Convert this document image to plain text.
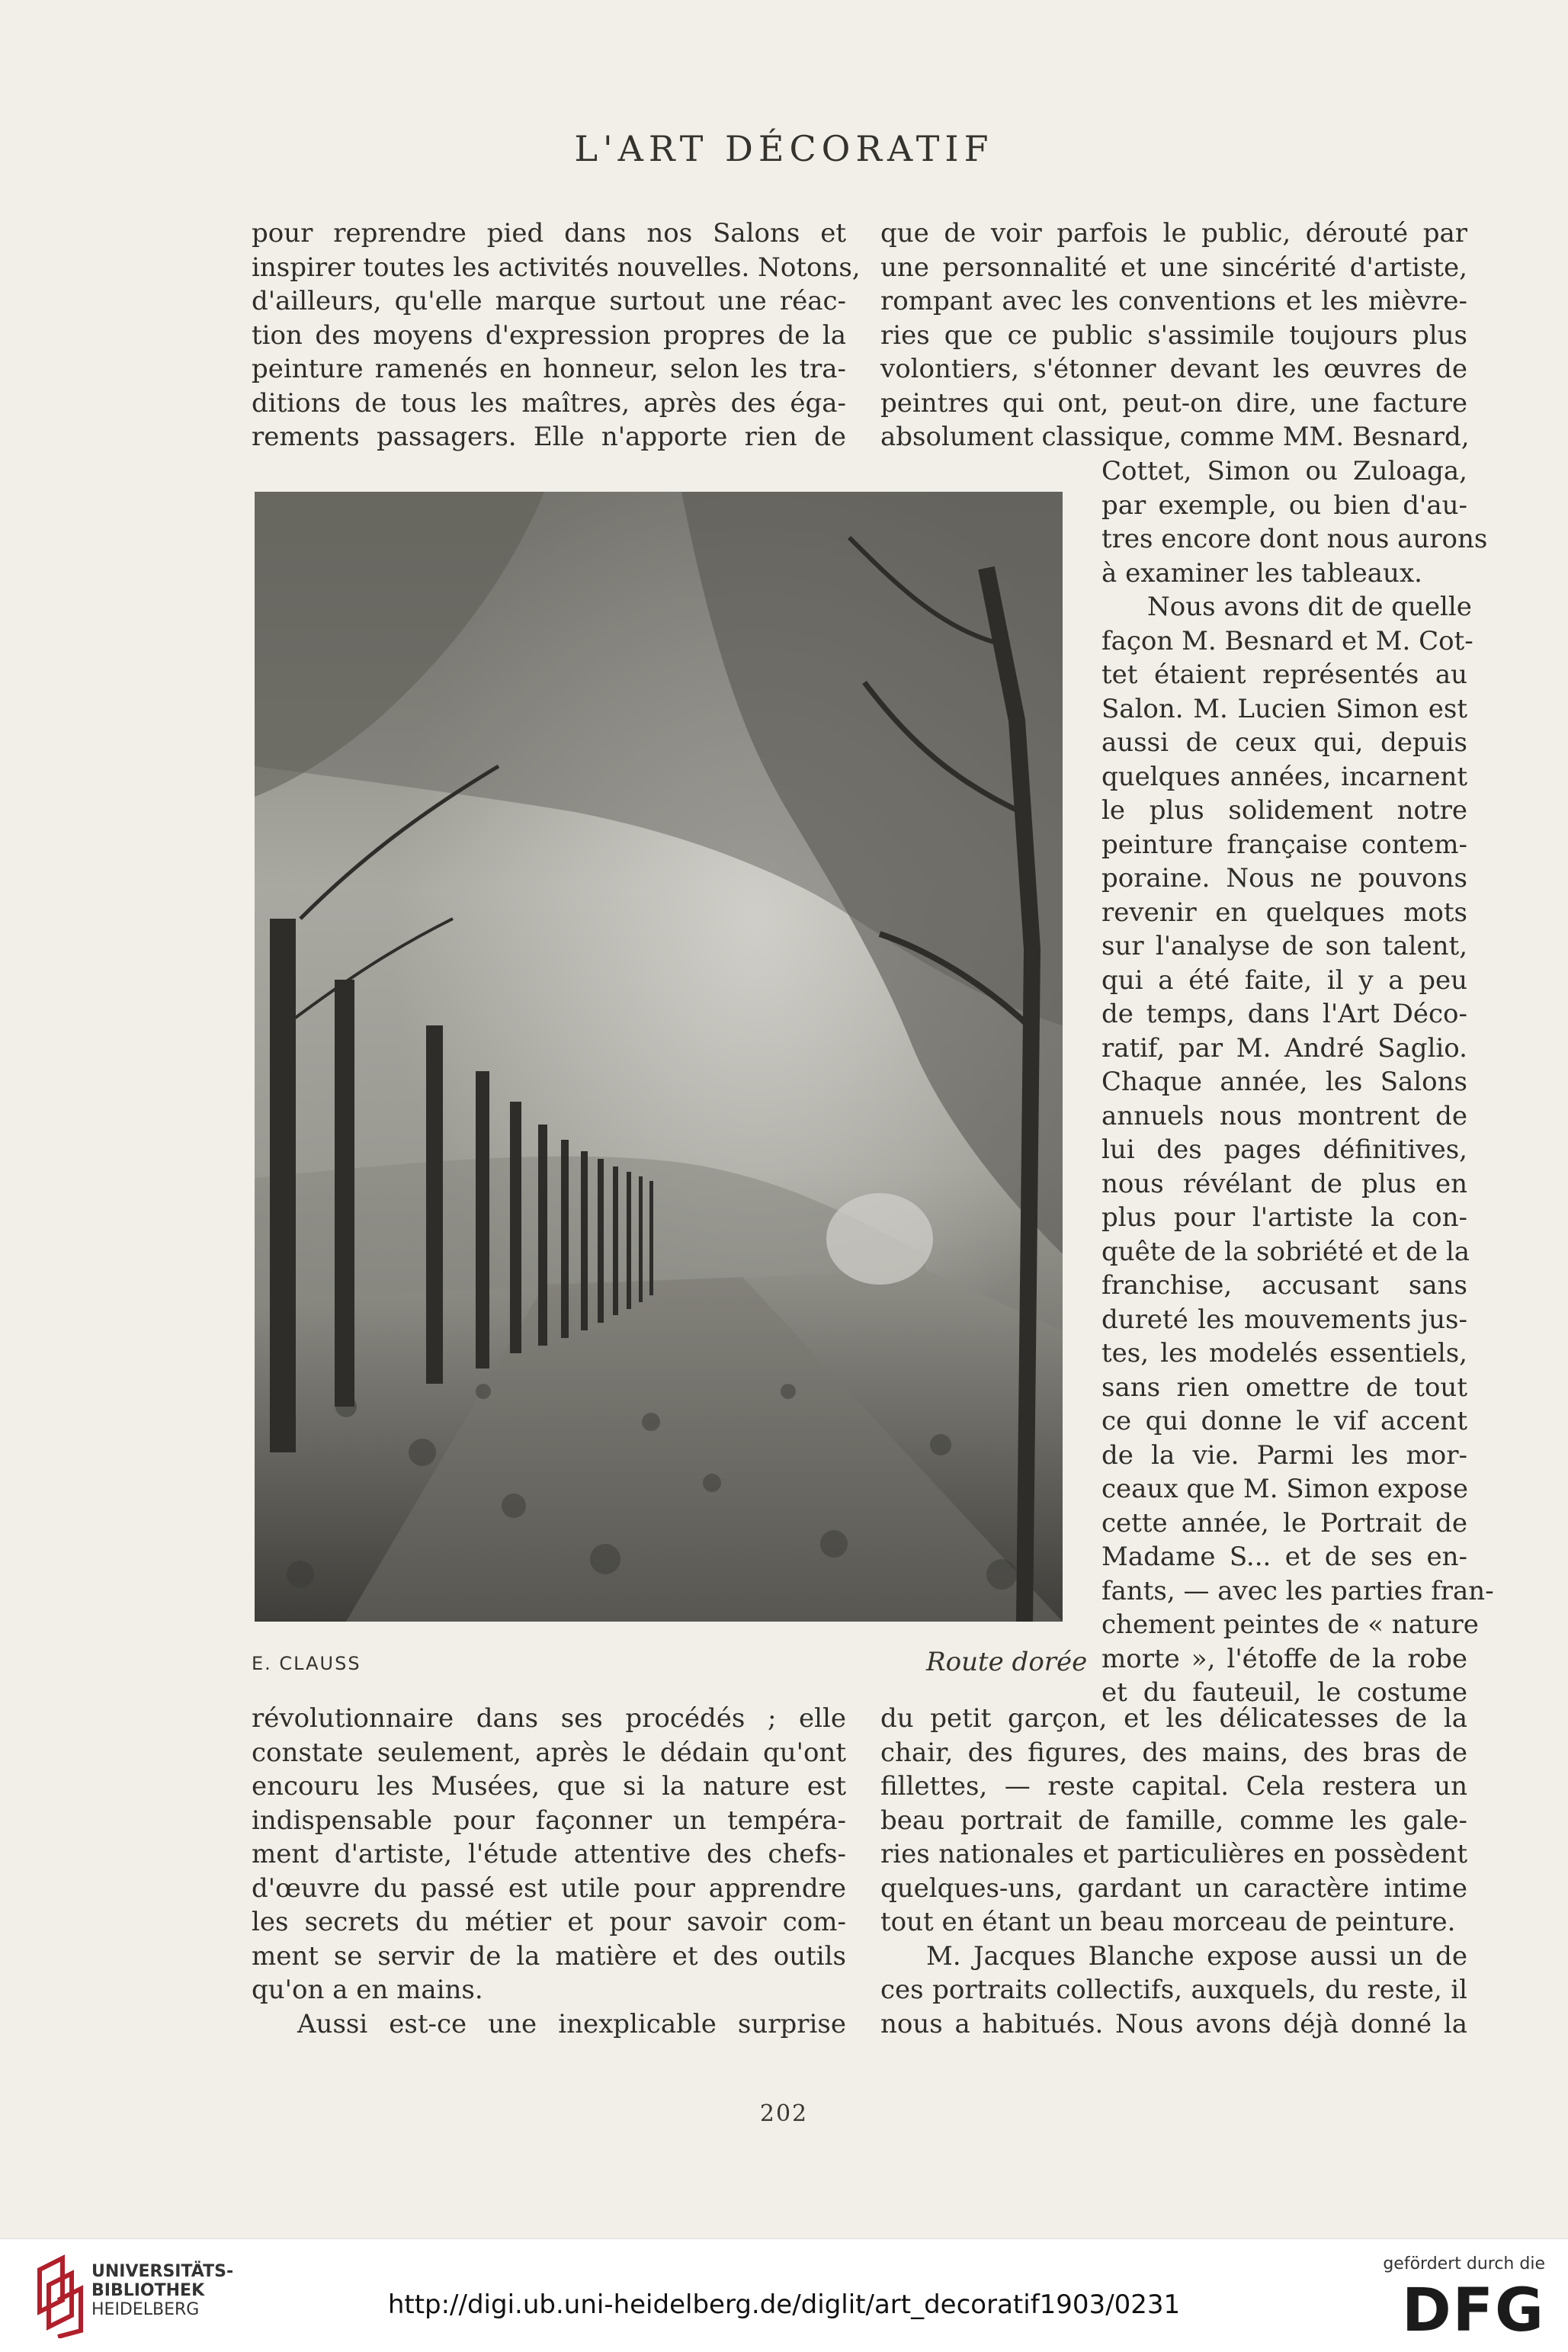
L'ART DÉCORATIF
pour reprendre pied dans nos Salons et
inspirer toutes les activités nouvelles. Notons,
d'ailleurs, qu'elle marque surtout une réac-
tion des moyens d'expression propres de la
peinture ramenés en honneur, selon les tra-
ditions de tous les maîtres, après des éga-
rements passagers. Elle n'apporte rien de
que de voir parfois le public, dérouté par
une personnalité et une sincérité d'artiste,
rompant avec les conventions et les mièvre-
ries que ce public s'assimile toujours plus
volontiers, s'étonner devant les œuvres de
peintres qui ont, peut-on dire, une facture
absolument classique, comme MM. Besnard,
Cottet, Simon ou Zuloaga,
par exemple, ou bien d'au-
tres encore dont nous aurons
à examiner les tableaux.
Nous avons dit de quelle
façon M. Besnard et M. Cot-
tet étaient représentés au
Salon. M. Lucien Simon est
aussi de ceux qui, depuis
quelques années, incarnent
le plus solidement notre
peinture française contem-
poraine. Nous ne pouvons
revenir en quelques mots
sur l'analyse de son talent,
qui a été faite, il y a peu
de temps, dans l'Art Déco-
ratif, par M. André Saglio.
Chaque année, les Salons
annuels nous montrent de
lui des pages définitives,
nous révélant de plus en
plus pour l'artiste la con-
quête de la sobriété et de la
franchise, accusant sans
dureté les mouvements jus-
tes, les modelés essentiels,
sans rien omettre de tout
ce qui donne le vif accent
de la vie. Parmi les mor-
ceaux que M. Simon expose
cette année, le Portrait de
Madame S... et de ses en-
fants, — avec les parties fran-
chement peintes de « nature
morte », l'étoffe de la robe
et du fauteuil, le costume
E. CLAUSS	Route dorée
révolutionnaire dans ses procédés ; elle
constate seulement, après le dédain qu'ont
encouru les Musées, que si la nature est
indispensable pour façonner un tempéra-
ment d'artiste, l'étude attentive des chefs-
d'œuvre du passé est utile pour apprendre
les secrets du métier et pour savoir com-
ment se servir de la matière et des outils
qu'on a en mains.
Aussi est-ce une inexplicable surprise
du petit garçon, et les délicatesses de la
chair, des figures, des mains, des bras de
fillettes, — reste capital. Cela restera un
beau portrait de famille, comme les gale-
ries nationales et particulières en possèdent
quelques-uns, gardant un caractère intime
tout en étant un beau morceau de peinture.
M. Jacques Blanche expose aussi un de
ces portraits collectifs, auxquels, du reste, il
nous a habitués. Nous avons déjà donné la
202
UNIVERSITÄTS-
BIBLIOTHEK
HEIDELBERG	http://digi.ub.uni-heidelberg.de/diglit/art_decoratif1903/0231
gefördert durch die
DFG
